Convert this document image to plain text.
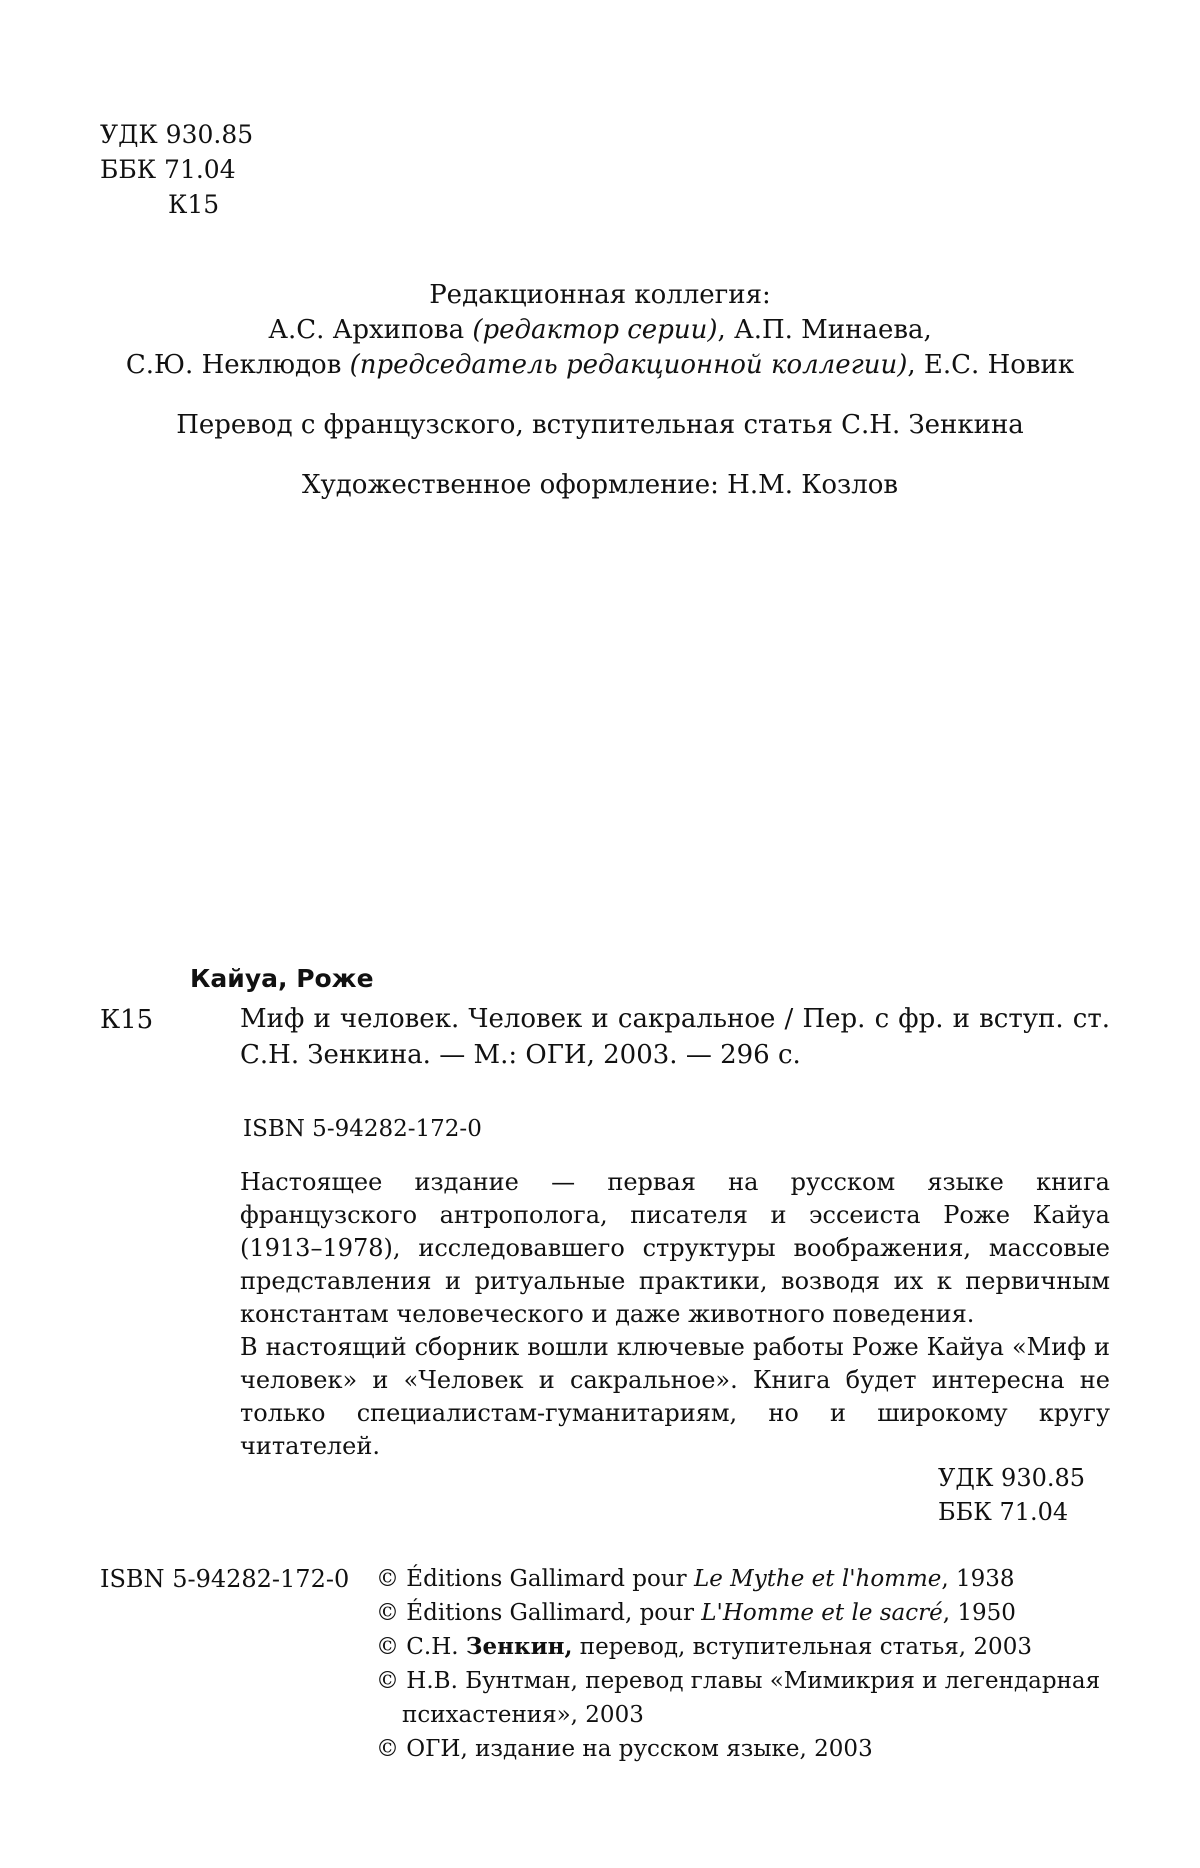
УДК 930.85
ББК 71.04
К15
Редакционная коллегия:
А.С. Архипова (редактор серии), А.П. Минаева,
С.Ю. Неклюдов (председатель редакционной коллегии), Е.С. Новик
Перевод с французского, вступительная статья С.Н. Зенкина
Художественное оформление: Н.М. Козлов
Кайуа, Роже
К15	Миф и человек. Человек и сакральное / Пер. с фр. и вступ. ст. С.Н. Зенкина. — М.: ОГИ, 2003. — 296 с.
ISBN 5-94282-172-0

Настоящее издание — первая на русском языке книга французского антрополога, писателя и эссеиста Роже Кайуа (1913–1978), исследовавшего структуры воображения, массовые представления и ритуальные практики, возводя их к первичным константам человеческого и даже животного поведения.

В настоящий сборник вошли ключевые работы Роже Кайуа «Миф и человек» и «Человек и сакральное». Книга будет интересна не только специалистам-гуманитариям, но и широкому кругу читателей.

УДК 930.85
ББК 71.04
ISBN 5-94282-172-0 © Éditions Gallimard pour Le Mythe et l'homme, 1938
© Éditions Gallimard, pour L'Homme et le sacré, 1950
© С.Н. Зенкин, перевод, вступительная статья, 2003
© Н.В. Бунтман, перевод главы «Мимикрия и легендарная психастения», 2003
© ОГИ, издание на русском языке, 2003
